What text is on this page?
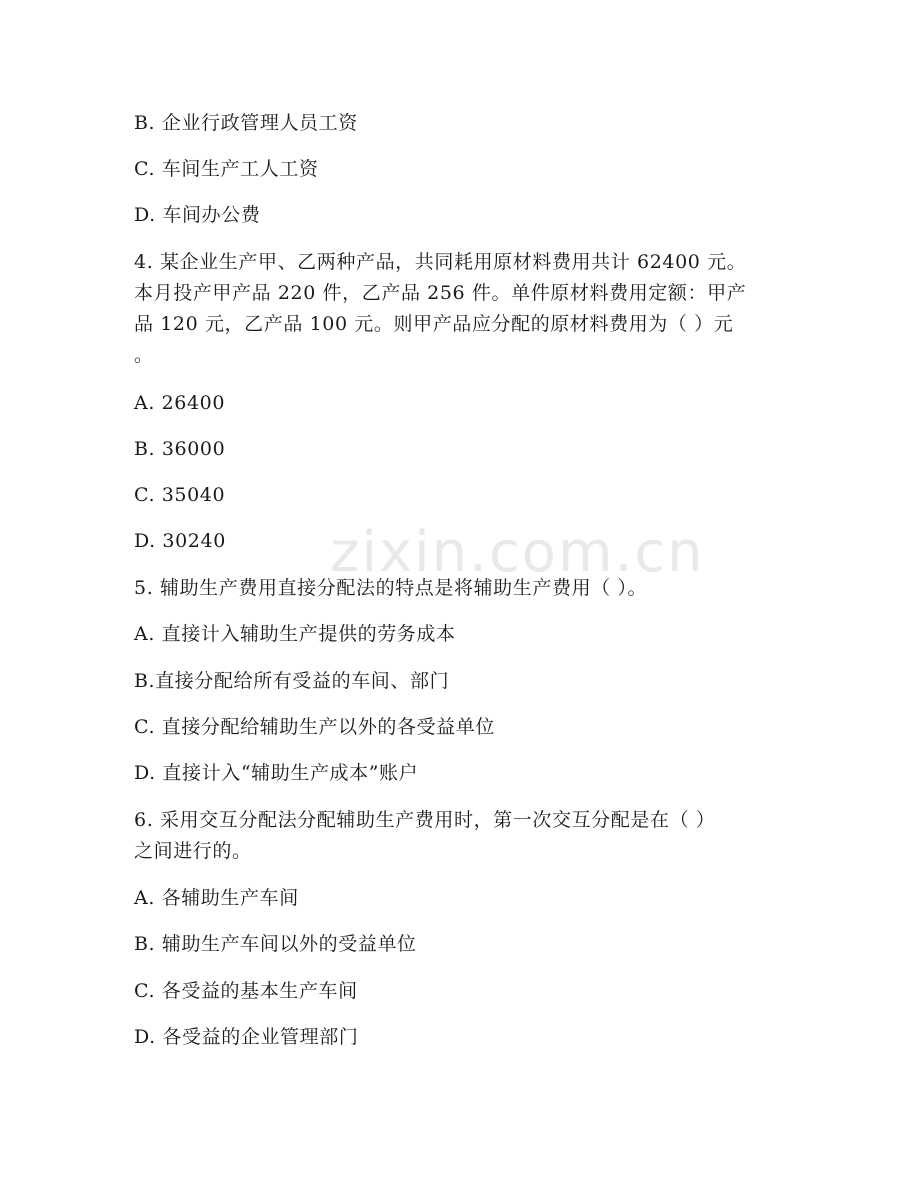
zixin.com.cn
B. 企业行政管理人员工资
C. 车间生产工人工资
D. 车间办公费
4. 某企业生产甲、乙两种产品，共同耗用原材料费用共计 62400 元。
本月投产甲产品 220 件，乙产品 256 件。单件原材料费用定额：甲产
品 120 元，乙产品 100 元。则甲产品应分配的原材料费用为（ ）元
。
A. 26400
B. 36000
C. 35040
D. 30240
5. 辅助生产费用直接分配法的特点是将辅助生产费用（ ）。
A. 直接计入辅助生产提供的劳务成本
B.直接分配给所有受益的车间、部门
C. 直接分配给辅助生产以外的各受益单位
D. 直接计入“辅助生产成本”账户
6. 采用交互分配法分配辅助生产费用时，第一次交互分配是在（ ）
之间进行的。
A. 各辅助生产车间
B. 辅助生产车间以外的受益单位
C. 各受益的基本生产车间
D. 各受益的企业管理部门
